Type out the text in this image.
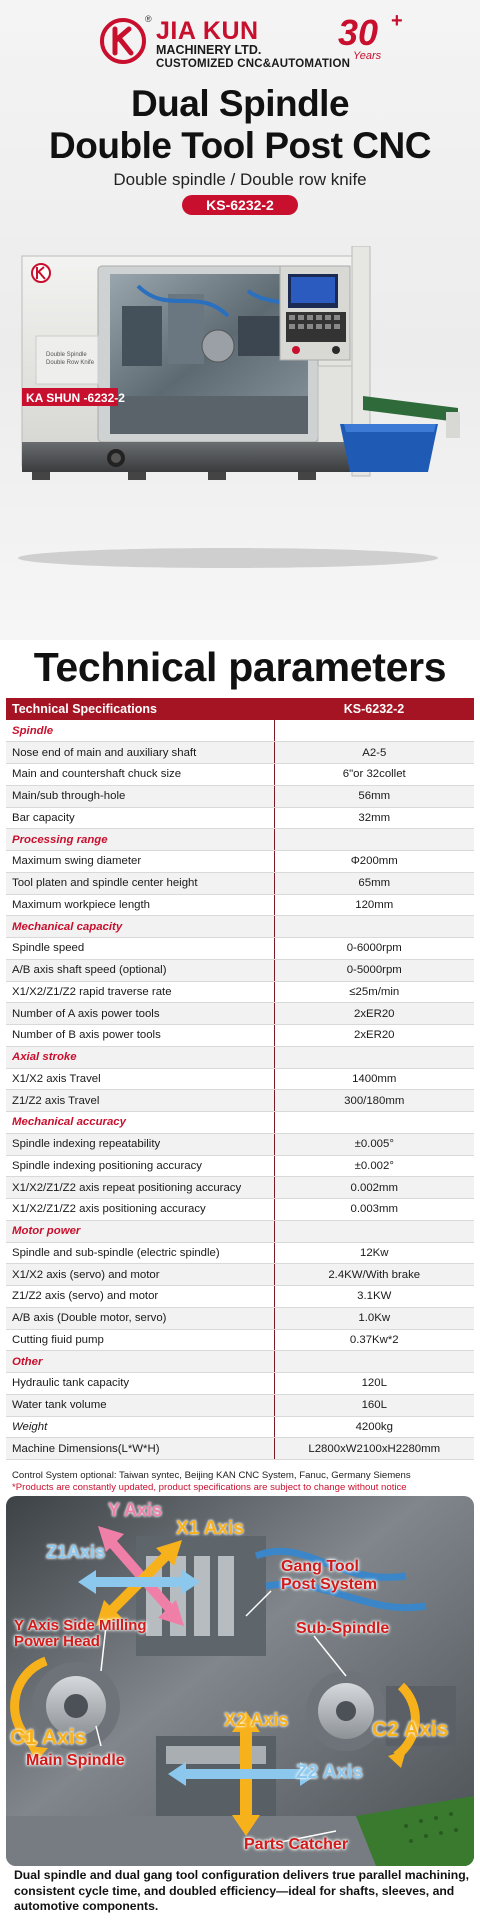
® JIA KUN
MACHINERY LTD.
CUSTOMIZED CNC&AUTOMATION
30 +
Years
Dual Spindle
Double Tool Post CNC
Double spindle / Double row knife
KS-6232-2
Double Spindle
Double Row Knife
KA SHUN -6232-2
Technical parameters
Technical Specifications	KS-6232-2
Spindle	
Nose end of main and auxiliary shaft	A2-5
Main and countershaft chuck size	6"or 32collet
Main/sub through-hole	56mm
Bar capacity	32mm
Processing range	
Maximum swing diameter	Φ200mm
Tool platen and spindle center height	65mm
Maximum workpiece length	120mm
Mechanical capacity	
Spindle speed	0-6000rpm
A/B axis shaft speed (optional)	0-5000rpm
X1/X2/Z1/Z2 rapid traverse rate	≤25m/min
Number of A axis power tools	2xER20
Number of B axis power tools	2xER20
Axial stroke	
X1/X2 axis Travel	1400mm
Z1/Z2 axis Travel	300/180mm
Mechanical accuracy	
Spindle indexing repeatability	±0.005°
Spindle indexing positioning accuracy	±0.002°
X1/X2/Z1/Z2 axis repeat positioning accuracy	0.002mm
X1/X2/Z1/Z2 axis positioning accuracy	0.003mm
Motor power	
Spindle and sub-spindle (electric spindle)	12Kw
X1/X2 axis (servo) and motor	2.4KW/With brake
Z1/Z2 axis (servo) and motor	3.1KW
A/B axis (Double motor, servo)	1.0Kw
Cutting fiuid pump	0.37Kw*2
Other	
Hydraulic tank capacity	120L
Water tank volume	160L
Weight	4200kg
Machine Dimensions(L*W*H)	L2800xW2100xH2280mm
Control System optional: Taiwan syntec, Beijing KAN CNC System, Fanuc, Germany Siemens
*Products are constantly updated, product specifications are subject to change without notice
Y Axis
X1 Axis
Z1Axis
Gang Tool
Post System
Y Axis Side Milling
Power Head
Sub-Spindle
C1 Axis
Main Spindle
X2 Axis	C2 Axis
Z2 Axis
Parts Catcher
Dual spindle and dual gang tool configuration delivers true parallel machining, consistent cycle time, and doubled efficiency—ideal for shafts, sleeves, and automotive components.
